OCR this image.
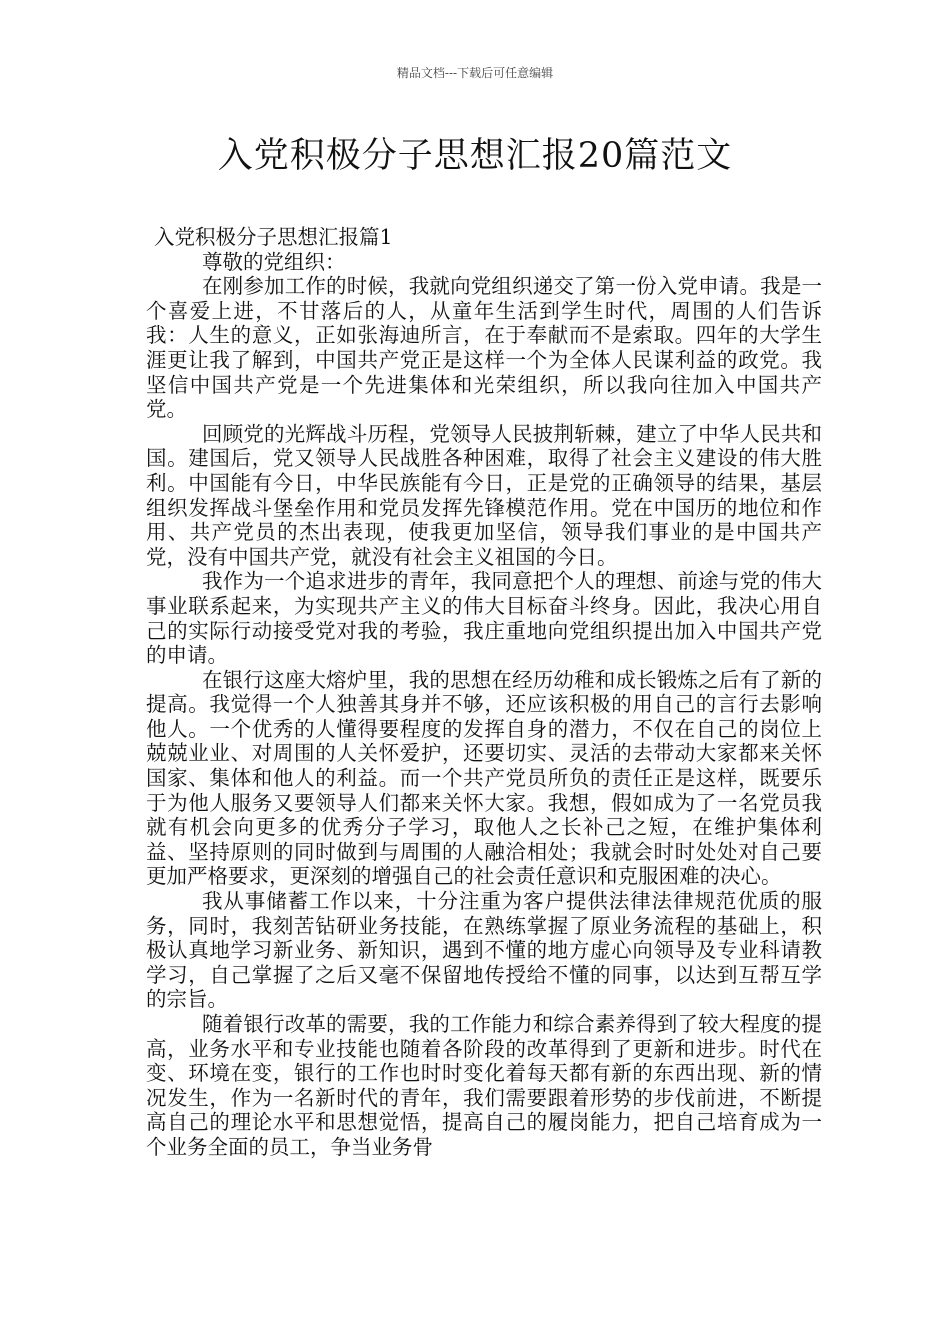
精品文档---下载后可任意编辑
入党积极分子思想汇报20篇范文

入党积极分子思想汇报篇1

尊敬的党组织：

在刚参加工作的时候，我就向党组织递交了第一份入党申请。我是一个喜爱上进，不甘落后的人，从童年生活到学生时代，周围的人们告诉我：人生的意义，正如张海迪所言，在于奉献而不是索取。四年的大学生涯更让我了解到，中国共产党正是这样一个为全体人民谋利益的政党。我坚信中国共产党是一个先进集体和光荣组织，所以我向往加入中国共产党。

回顾党的光辉战斗历程，党领导人民披荆斩棘，建立了中华人民共和国。建国后，党又领导人民战胜各种困难，取得了社会主义建设的伟大胜利。中国能有今日，中华民族能有今日，正是党的正确领导的结果，基层组织发挥战斗堡垒作用和党员发挥先锋模范作用。党在中国历的地位和作用、共产党员的杰出表现，使我更加坚信，领导我们事业的是中国共产党，没有中国共产党，就没有社会主义祖国的今日。

我作为一个追求进步的青年，我同意把个人的理想、前途与党的伟大事业联系起来，为实现共产主义的伟大目标奋斗终身。因此，我决心用自己的实际行动接受党对我的考验，我庄重地向党组织提出加入中国共产党的申请。

在银行这座大熔炉里，我的思想在经历幼稚和成长锻炼之后有了新的提高。我觉得一个人独善其身并不够，还应该积极的用自己的言行去影响他人。一个优秀的人懂得要程度的发挥自身的潜力，不仅在自己的岗位上兢兢业业、对周围的人关怀爱护，还要切实、灵活的去带动大家都来关怀国家、集体和他人的利益。而一个共产党员所负的责任正是这样，既要乐于为他人服务又要领导人们都来关怀大家。我想，假如成为了一名党员我就有机会向更多的优秀分子学习，取他人之长补己之短，在维护集体利益、坚持原则的同时做到与周围的人融洽相处；我就会时时处处对自己要更加严格要求，更深刻的增强自己的社会责任意识和克服困难的决心。

我从事储蓄工作以来，十分注重为客户提供法律法律规范优质的服务，同时，我刻苦钻研业务技能，在熟练掌握了原业务流程的基础上，积极认真地学习新业务、新知识，遇到不懂的地方虚心向领导及专业科请教学习，自己掌握了之后又毫不保留地传授给不懂的同事，以达到互帮互学的宗旨。

随着银行改革的需要，我的工作能力和综合素养得到了较大程度的提高，业务水平和专业技能也随着各阶段的改革得到了更新和进步。时代在变、环境在变，银行的工作也时时变化着每天都有新的东西出现、新的情况发生，作为一名新时代的青年，我们需要跟着形势的步伐前进，不断提高自己的理论水平和思想觉悟，提高自己的履岗能力，把自己培育成为一个业务全面的员工，争当业务骨
